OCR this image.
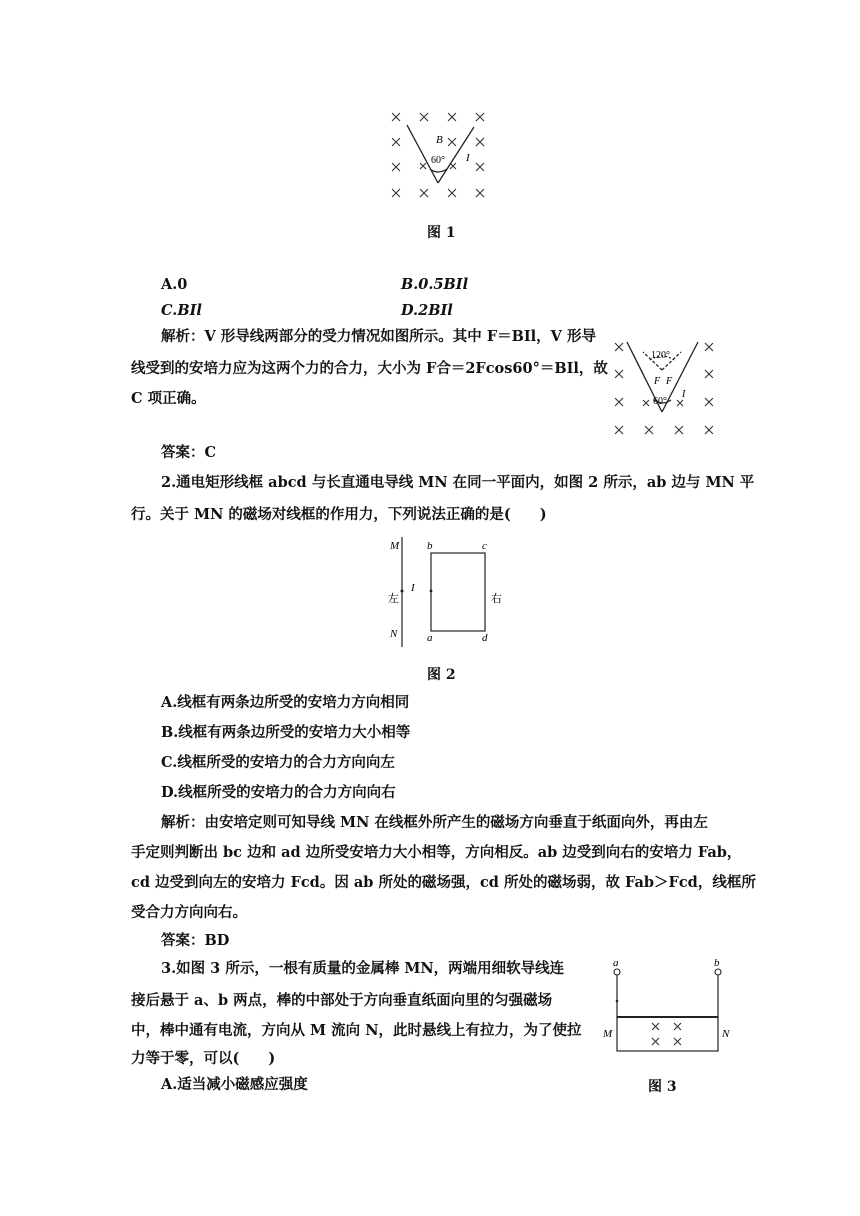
B
60° I
图 1
A.0	B.0.5BIl
C.BIl	D.2BIl
解析：V 形导线两部分的受力情况如图所示。其中 F＝BIl，V 形导
线受到的安培力应为这两个力的合力，大小为 F合＝2Fcos60°＝BIl，故
C 项正确。
120°
F F
60°
I
答案：C
2.通电矩形线框 abcd 与长直通电导线 MN 在同一平面内，如图 2 所示，ab 边与 MN 平
行。关于 MN 的磁场对线框的作用力，下列说法正确的是(　　)
M
N
I
b	c
a	d
左	右
图 2
A.线框有两条边所受的安培力方向相同
B.线框有两条边所受的安培力大小相等
C.线框所受的安培力的合力方向向左
D.线框所受的安培力的合力方向向右
解析：由安培定则可知导线 MN 在线框外所产生的磁场方向垂直于纸面向外，再由左
手定则判断出 bc 边和 ad 边所受安培力大小相等，方向相反。ab 边受到向右的安培力 Fab，
cd 边受到向左的安培力 Fcd。因 ab 所处的磁场强，cd 所处的磁场弱，故 Fab＞Fcd，线框所
受合力方向向右。
答案：BD
3.如图 3 所示，一根有质量的金属棒 MN，两端用细软导线连
接后悬于 a、b 两点，棒的中部处于方向垂直纸面向里的匀强磁场
中，棒中通有电流，方向从 M 流向 N，此时悬线上有拉力，为了使拉
力等于零，可以(　　)
A.适当减小磁感应强度
a	b
M	N
图 3
